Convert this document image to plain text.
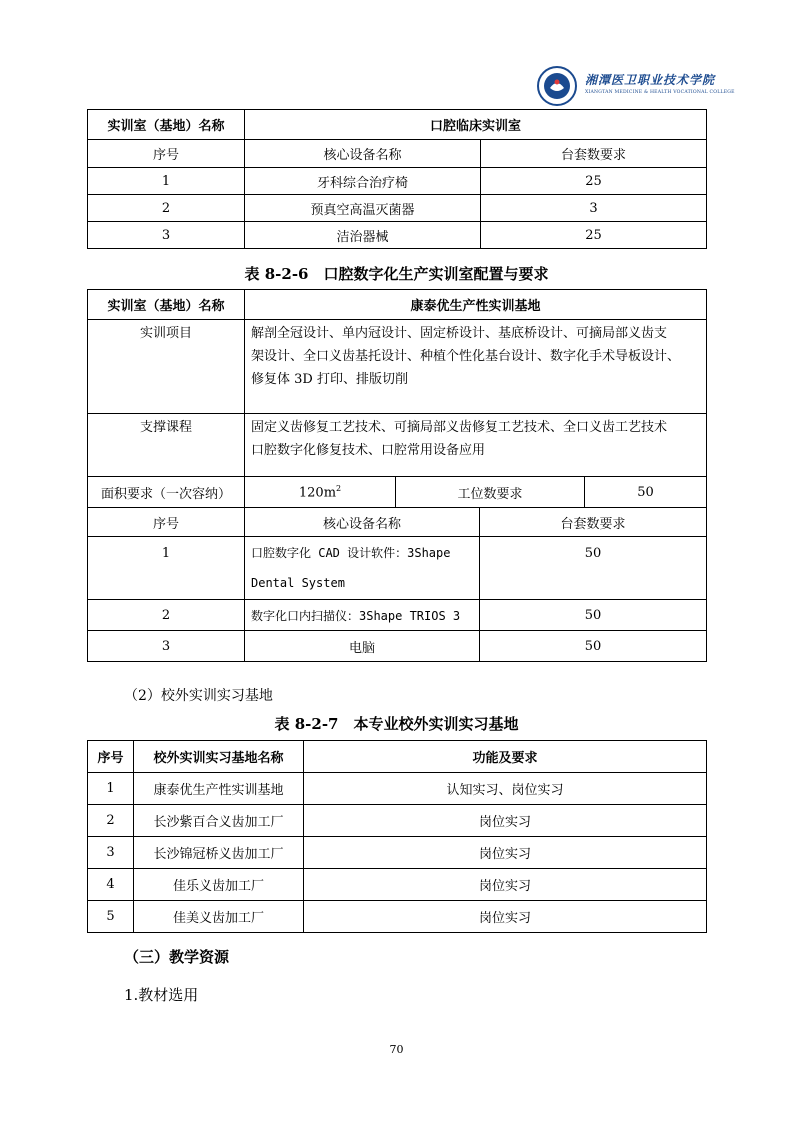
湘潭医卫职业技术学院
XIANGTAN MEDICINE & HEALTH VOCATIONAL COLLEGE
实训室（基地）名称	口腔临床实训室	
序号	核心设备名称	台套数要求
1	牙科综合治疗椅	25
2	预真空高温灭菌器	3
3	洁治器械	25
表 8-2-6　口腔数字化生产实训室配置与要求
实训室（基地）名称	康泰优生产性实训基地			
实训项目	解剖全冠设计、单内冠设计、固定桥设计、基底桥设计、可摘局部义齿支
架设计、全口义齿基托设计、种植个性化基台设计、数字化手术导板设计、
修复体 3D 打印、排版切削			

支撑课程	固定义齿修复工艺技术、可摘局部义齿修复工艺技术、全口义齿工艺技术
口腔数字化修复技术、口腔常用设备应用			

面积要求（一次容纳）	$120m^2$	工位数要求		50
序号	核心设备名称		台套数要求	
1	口腔数字化 CAD 设计软件：3Shape
Dental System		50	
2	数字化口内扫描仪：3Shape TRIOS 3		50	
3	电脑		50	
（2）校外实训实习基地
表 8-2-7　本专业校外实训实习基地
序号	校外实训实习基地名称	功能及要求
1	康泰优生产性实训基地	认知实习、岗位实习
2	长沙紫百合义齿加工厂	岗位实习
3	长沙锦冠桥义齿加工厂	岗位实习
4	佳乐义齿加工厂	岗位实习
5	佳美义齿加工厂	岗位实习
（三）教学资源
1.教材选用
70
